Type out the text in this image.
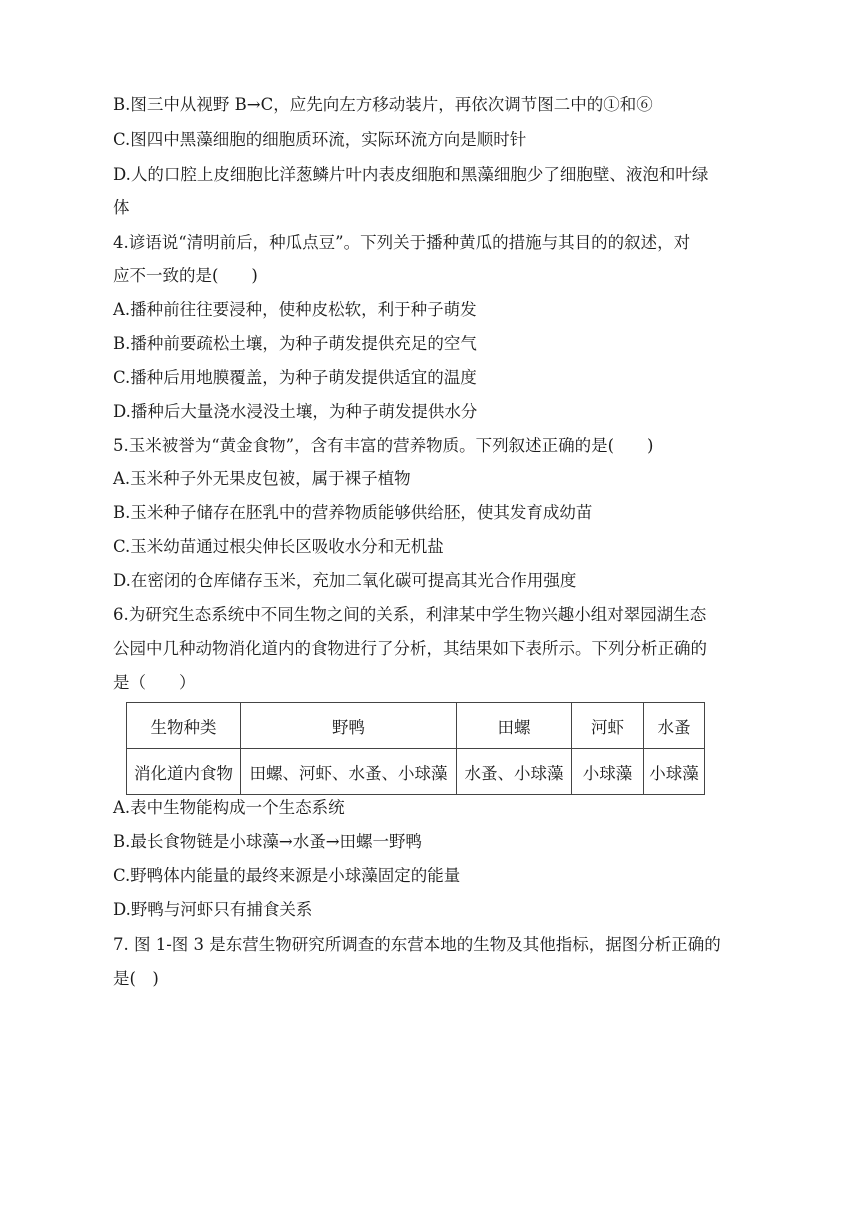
B.图三中从视野 B→C，应先向左方移动装片，再依次调节图二中的①和⑥
C.图四中黑藻细胞的细胞质环流，实际环流方向是顺时针
D.人的口腔上皮细胞比洋葱鳞片叶内表皮细胞和黑藻细胞少了细胞壁、液泡和叶绿
体
4.谚语说“清明前后，种瓜点豆”。下列关于播种黄瓜的措施与其目的的叙述，对
应不一致的是(　　)
A.播种前往往要浸种，使种皮松软，利于种子萌发
B.播种前要疏松土壤，为种子萌发提供充足的空气
C.播种后用地膜覆盖，为种子萌发提供适宜的温度
D.播种后大量浇水浸没土壤，为种子萌发提供水分
5.玉米被誉为“黄金食物”，含有丰富的营养物质。下列叙述正确的是(　　)
A.玉米种子外无果皮包被，属于裸子植物
B.玉米种子储存在胚乳中的营养物质能够供给胚，使其发育成幼苗
C.玉米幼苗通过根尖伸长区吸收水分和无机盐
D.在密闭的仓库储存玉米，充加二氧化碳可提高其光合作用强度
6.为研究生态系统中不同生物之间的关系，利津某中学生物兴趣小组对翠园湖生态
公园中几种动物消化道内的食物进行了分析，其结果如下表所示。下列分析正确的
是（　　）
生物种类	野鸭	田螺	河虾	水蚤
消化道内食物	田螺、河虾、水蚤、小球藻	水蚤、小球藻	小球藻	小球藻
A.表中生物能构成一个生态系统
B.最长食物链是小球藻→水蚤→田螺一野鸭
C.野鸭体内能量的最终来源是小球藻固定的能量
D.野鸭与河虾只有捕食关系
7. 图 1-图 3 是东营生物研究所调查的东营本地的生物及其他指标，据图分析正确的
是(　)
